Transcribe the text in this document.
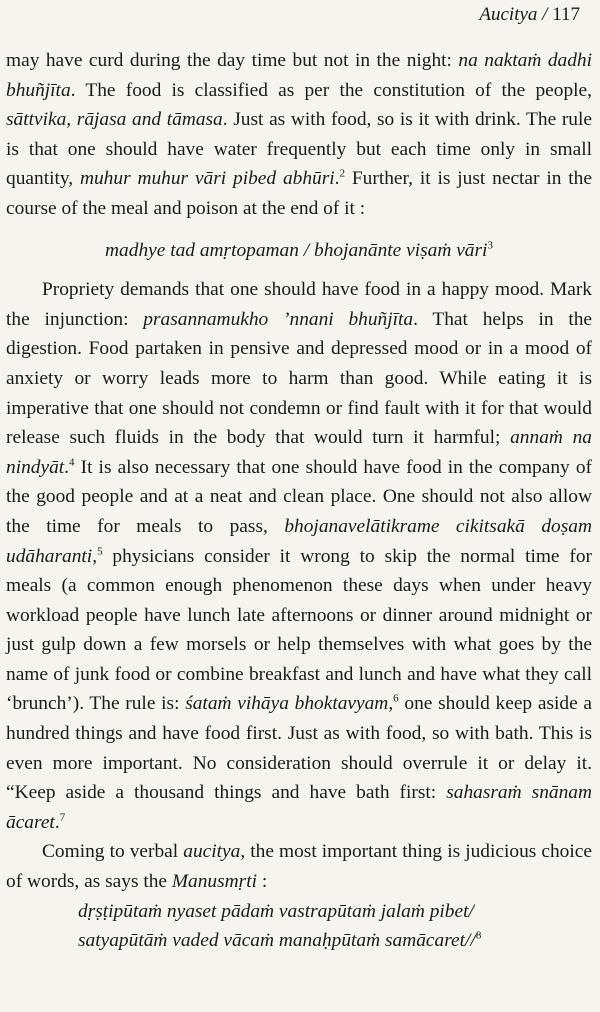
Aucitya / 117

may have curd during the day time but not in the night: na naktaṁ dadhi bhuñjīta. The food is classified as per the constitution of the people, sāttvika, rājasa and tāmasa. Just as with food, so is it with drink. The rule is that one should have water frequently but each time only in small quantity, muhur muhur vāri pibed abhūri.$^2$ Further, it is just nectar in the course of the meal and poison at the end of it :

madhye tad amṛtopaman / bhojanānte viṣaṁ vāri$^3$

Propriety demands that one should have food in a happy mood. Mark the injunction: prasannamukho ’nnani bhuñjīta. That helps in the digestion. Food partaken in pensive and depressed mood or in a mood of anxiety or worry leads more to harm than good. While eating it is imperative that one should not condemn or find fault with it for that would release such fluids in the body that would turn it harmful; annaṁ na nindyāt.$^4$ It is also necessary that one should have food in the company of the good people and at a neat and clean place. One should not also allow the time for meals to pass, bhojanavelātikrame cikitsakā doṣam udāharanti,$^5$ physicians consider it wrong to skip the normal time for meals (a common enough phenomenon these days when under heavy workload people have lunch late afternoons or dinner around midnight or just gulp down a few morsels or help themselves with what goes by the name of junk food or combine breakfast and lunch and have what they call ‘brunch’). The rule is: śataṁ vihāya bhoktavyam,$^6$ one should keep aside a hundred things and have food first. Just as with food, so with bath. This is even more important. No consideration should overrule it or delay it. “Keep aside a thousand things and have bath first: sahasraṁ snānam ācaret.$^7$

Coming to verbal aucitya, the most important thing is judicious choice of words, as says the Manusmṛti :

dṛṣṭipūtaṁ nyaset pādaṁ vastrapūtaṁ jalaṁ pibet/
satyapūtāṁ vaded vācaṁ manaḥpūtaṁ samācaret//$^8$
